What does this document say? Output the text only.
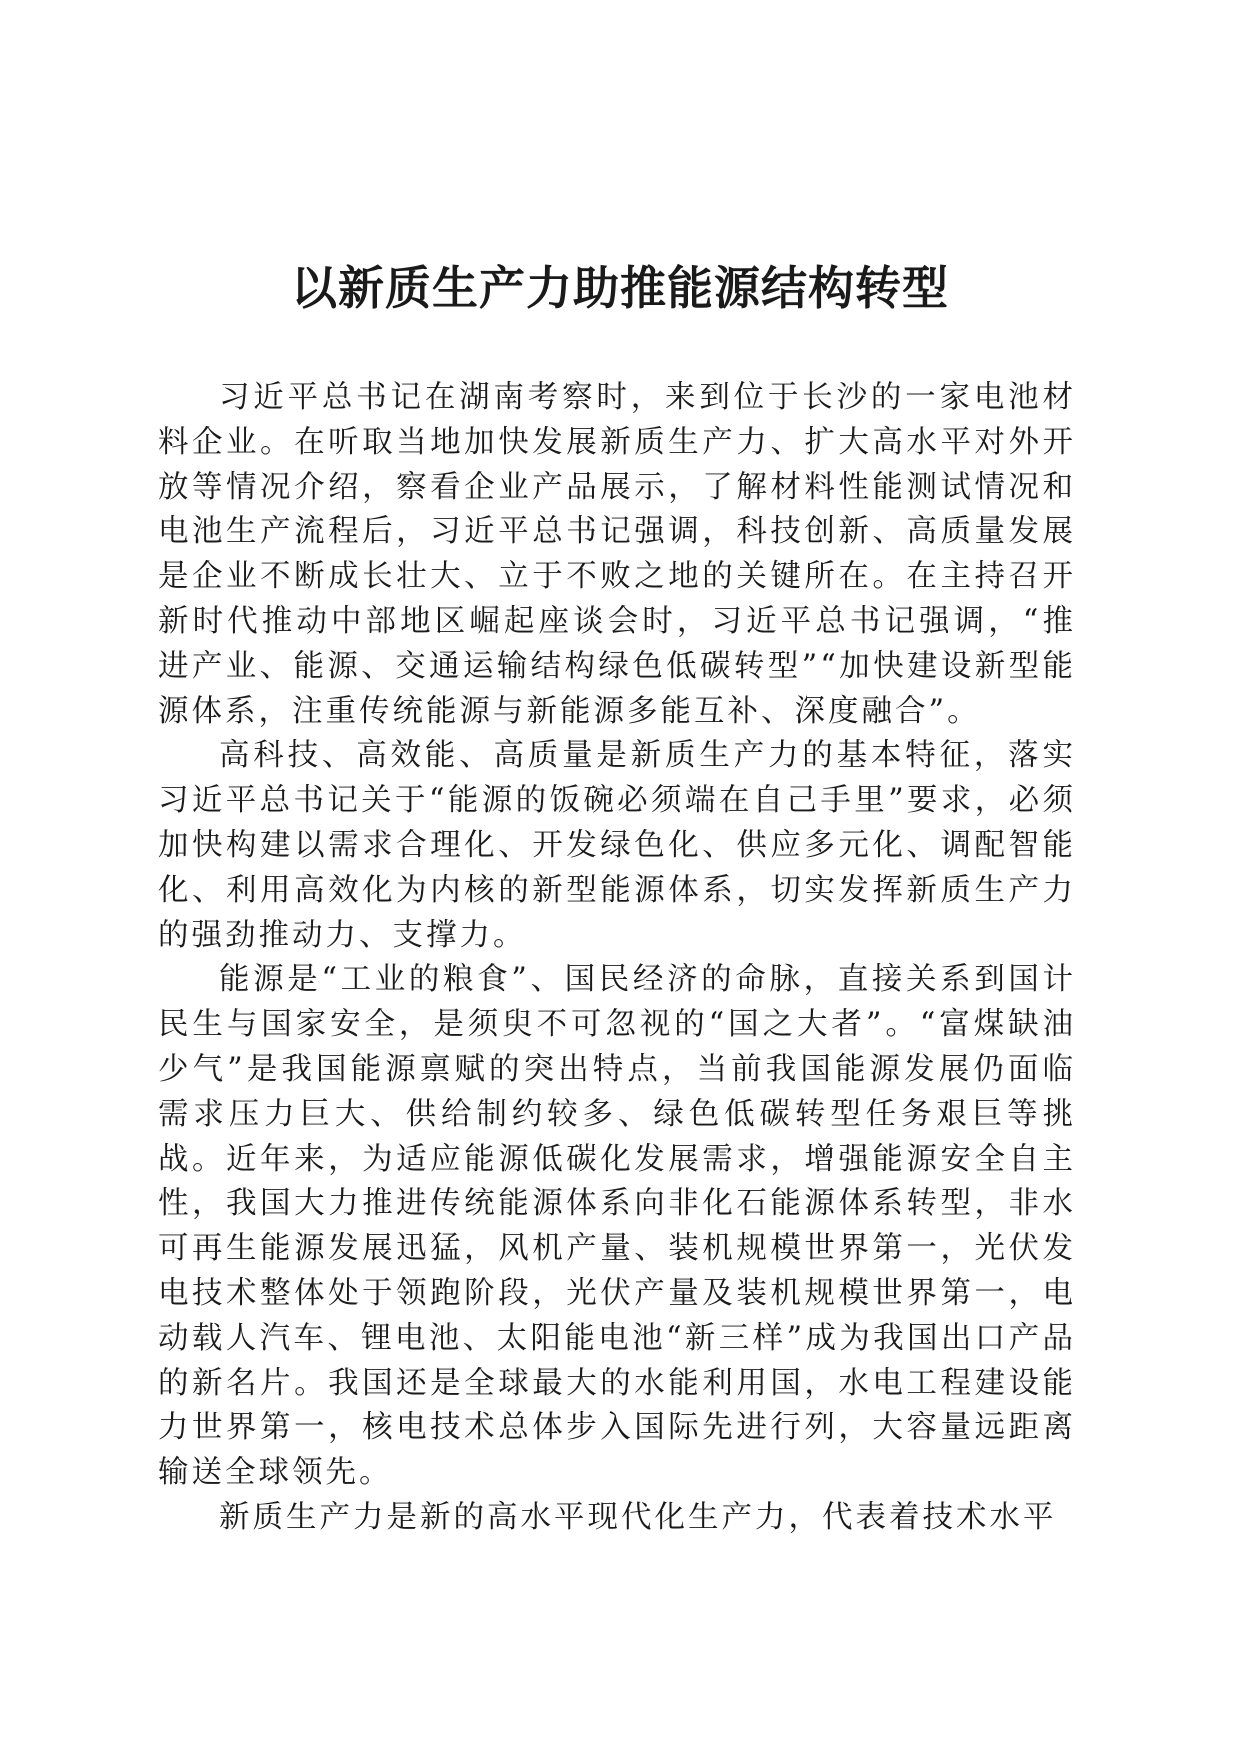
以新质生产力助推能源结构转型

习近平总书记在湖南考察时，来到位于长沙的一家电池材料企业。在听取当地加快发展新质生产力、扩大高水平对外开放等情况介绍，察看企业产品展示，了解材料性能测试情况和电池生产流程后，习近平总书记强调，科技创新、高质量发展是企业不断成长壮大、立于不败之地的关键所在。在主持召开新时代推动中部地区崛起座谈会时，习近平总书记强调，“推进产业、能源、交通运输结构绿色低碳转型”“加快建设新型能源体系，注重传统能源与新能源多能互补、深度融合”。

高科技、高效能、高质量是新质生产力的基本特征，落实习近平总书记关于“能源的饭碗必须端在自己手里”要求，必须加快构建以需求合理化、开发绿色化、供应多元化、调配智能化、利用高效化为内核的新型能源体系，切实发挥新质生产力的强劲推动力、支撑力。

能源是“工业的粮食”、国民经济的命脉，直接关系到国计民生与国家安全，是须臾不可忽视的“国之大者”。“富煤缺油少气”是我国能源禀赋的突出特点，当前我国能源发展仍面临需求压力巨大、供给制约较多、绿色低碳转型任务艰巨等挑战。近年来，为适应能源低碳化发展需求，增强能源安全自主性，我国大力推进传统能源体系向非化石能源体系转型，非水可再生能源发展迅猛，风机产量、装机规模世界第一，光伏发电技术整体处于领跑阶段，光伏产量及装机规模世界第一，电动载人汽车、锂电池、太阳能电池“新三样”成为我国出口产品的新名片。我国还是全球最大的水能利用国，水电工程建设能力世界第一，核电技术总体步入国际先进行列，大容量远距离输送全球领先。

新质生产力是新的高水平现代化生产力，代表着技术水平
